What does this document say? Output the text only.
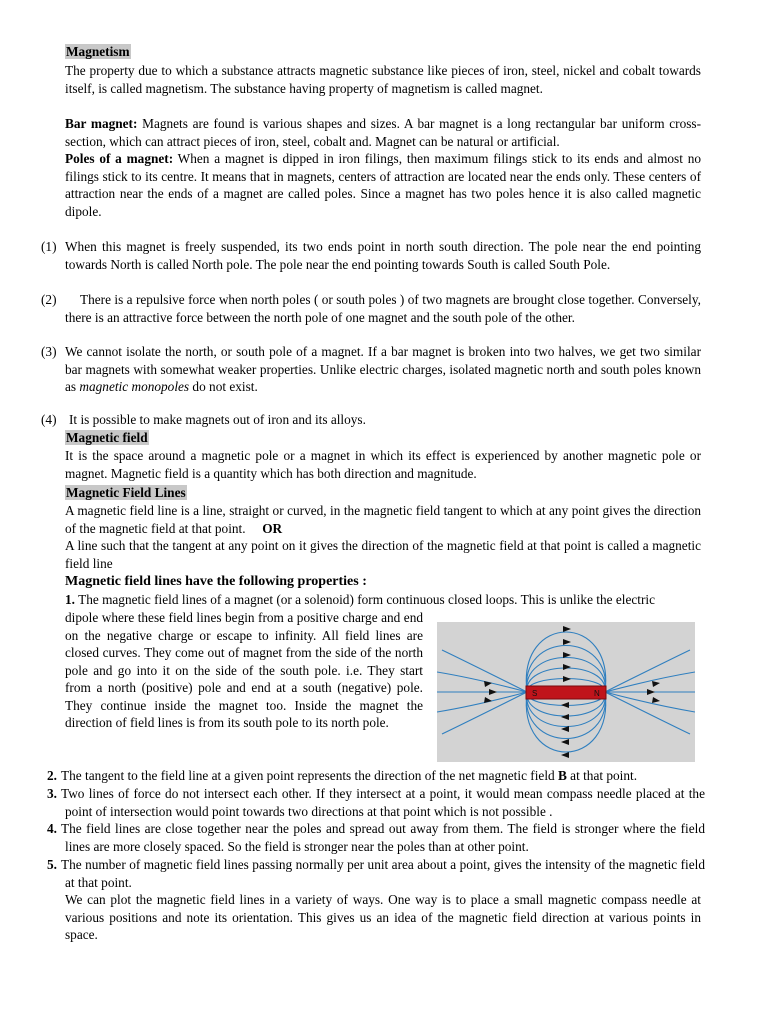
Magnetism
The property due to which a substance attracts magnetic substance like pieces of iron, steel, nickel and cobalt towards itself, is called magnetism. The substance having property of magnetism is called magnet.
Bar magnet: Magnets are found is various shapes and sizes. A bar magnet is a long rectangular bar uniform cross-section, which can attract pieces of iron, steel, cobalt and. Magnet can be natural or artificial.
Poles of a magnet: When a magnet is dipped in iron filings, then maximum filings stick to its ends and almost no filings stick to its centre. It means that in magnets, centers of attraction are located near the ends only. These centers of attraction near the ends of a magnet are called poles. Since a magnet has two poles hence it is also called magnetic dipole.
(1) When this magnet is freely suspended, its two ends point in north south direction. The pole near the end pointing towards North is called North pole. The pole near the end pointing towards South is called South Pole.
(2)	There is a repulsive force when north poles ( or south poles ) of two magnets are brought close together. Conversely, there is an attractive force between the north pole of one magnet and the south pole of the other.
(3) We cannot isolate the north, or south pole of a magnet. If a bar magnet is broken into two halves, we get two similar bar magnets with somewhat weaker properties. Unlike electric charges, isolated magnetic north and south poles known as magnetic monopoles do not exist.
(4) It is possible to make magnets out of iron and its alloys.
Magnetic field
It is the space around a magnetic pole or a magnet in which its effect is experienced by another magnetic pole or magnet. Magnetic field is a quantity which has both direction and magnitude.
Magnetic Field Lines
A magnetic field line is a line, straight or curved, in the magnetic field tangent to which at any point gives the direction of the magnetic field at that point. OR
A line such that the tangent at any point on it gives the direction of the magnetic field at that point is called a magnetic field line
Magnetic field lines have the following properties :
1. The magnetic field lines of a magnet (or a solenoid) form continuous closed loops. This is unlike the electric
dipole where these field lines begin from a positive charge and end on the negative charge or escape to infinity. All field lines are closed curves. They come out of magnet from the side of the north pole and go into it on the side of the south pole. i.e. They start from a north (positive) pole and end at a south (negative) pole. They continue inside the magnet too. Inside the magnet the direction of field lines is from its south pole to its north pole.
S	N
2. The tangent to the field line at a given point represents the direction of the net magnetic field B at that point.
3. Two lines of force do not intersect each other. If they intersect at a point, it would mean compass needle placed at the point of intersection would point towards two directions at that point which is not possible .
4. The field lines are close together near the poles and spread out away from them. The field is stronger where the field lines are more closely spaced. So the field is stronger near the poles than at other point.
5. The number of magnetic field lines passing normally per unit area about a point, gives the intensity of the magnetic field at that point.
We can plot the magnetic field lines in a variety of ways. One way is to place a small magnetic compass needle at various positions and note its orientation. This gives us an idea of the magnetic field direction at various points in space.
